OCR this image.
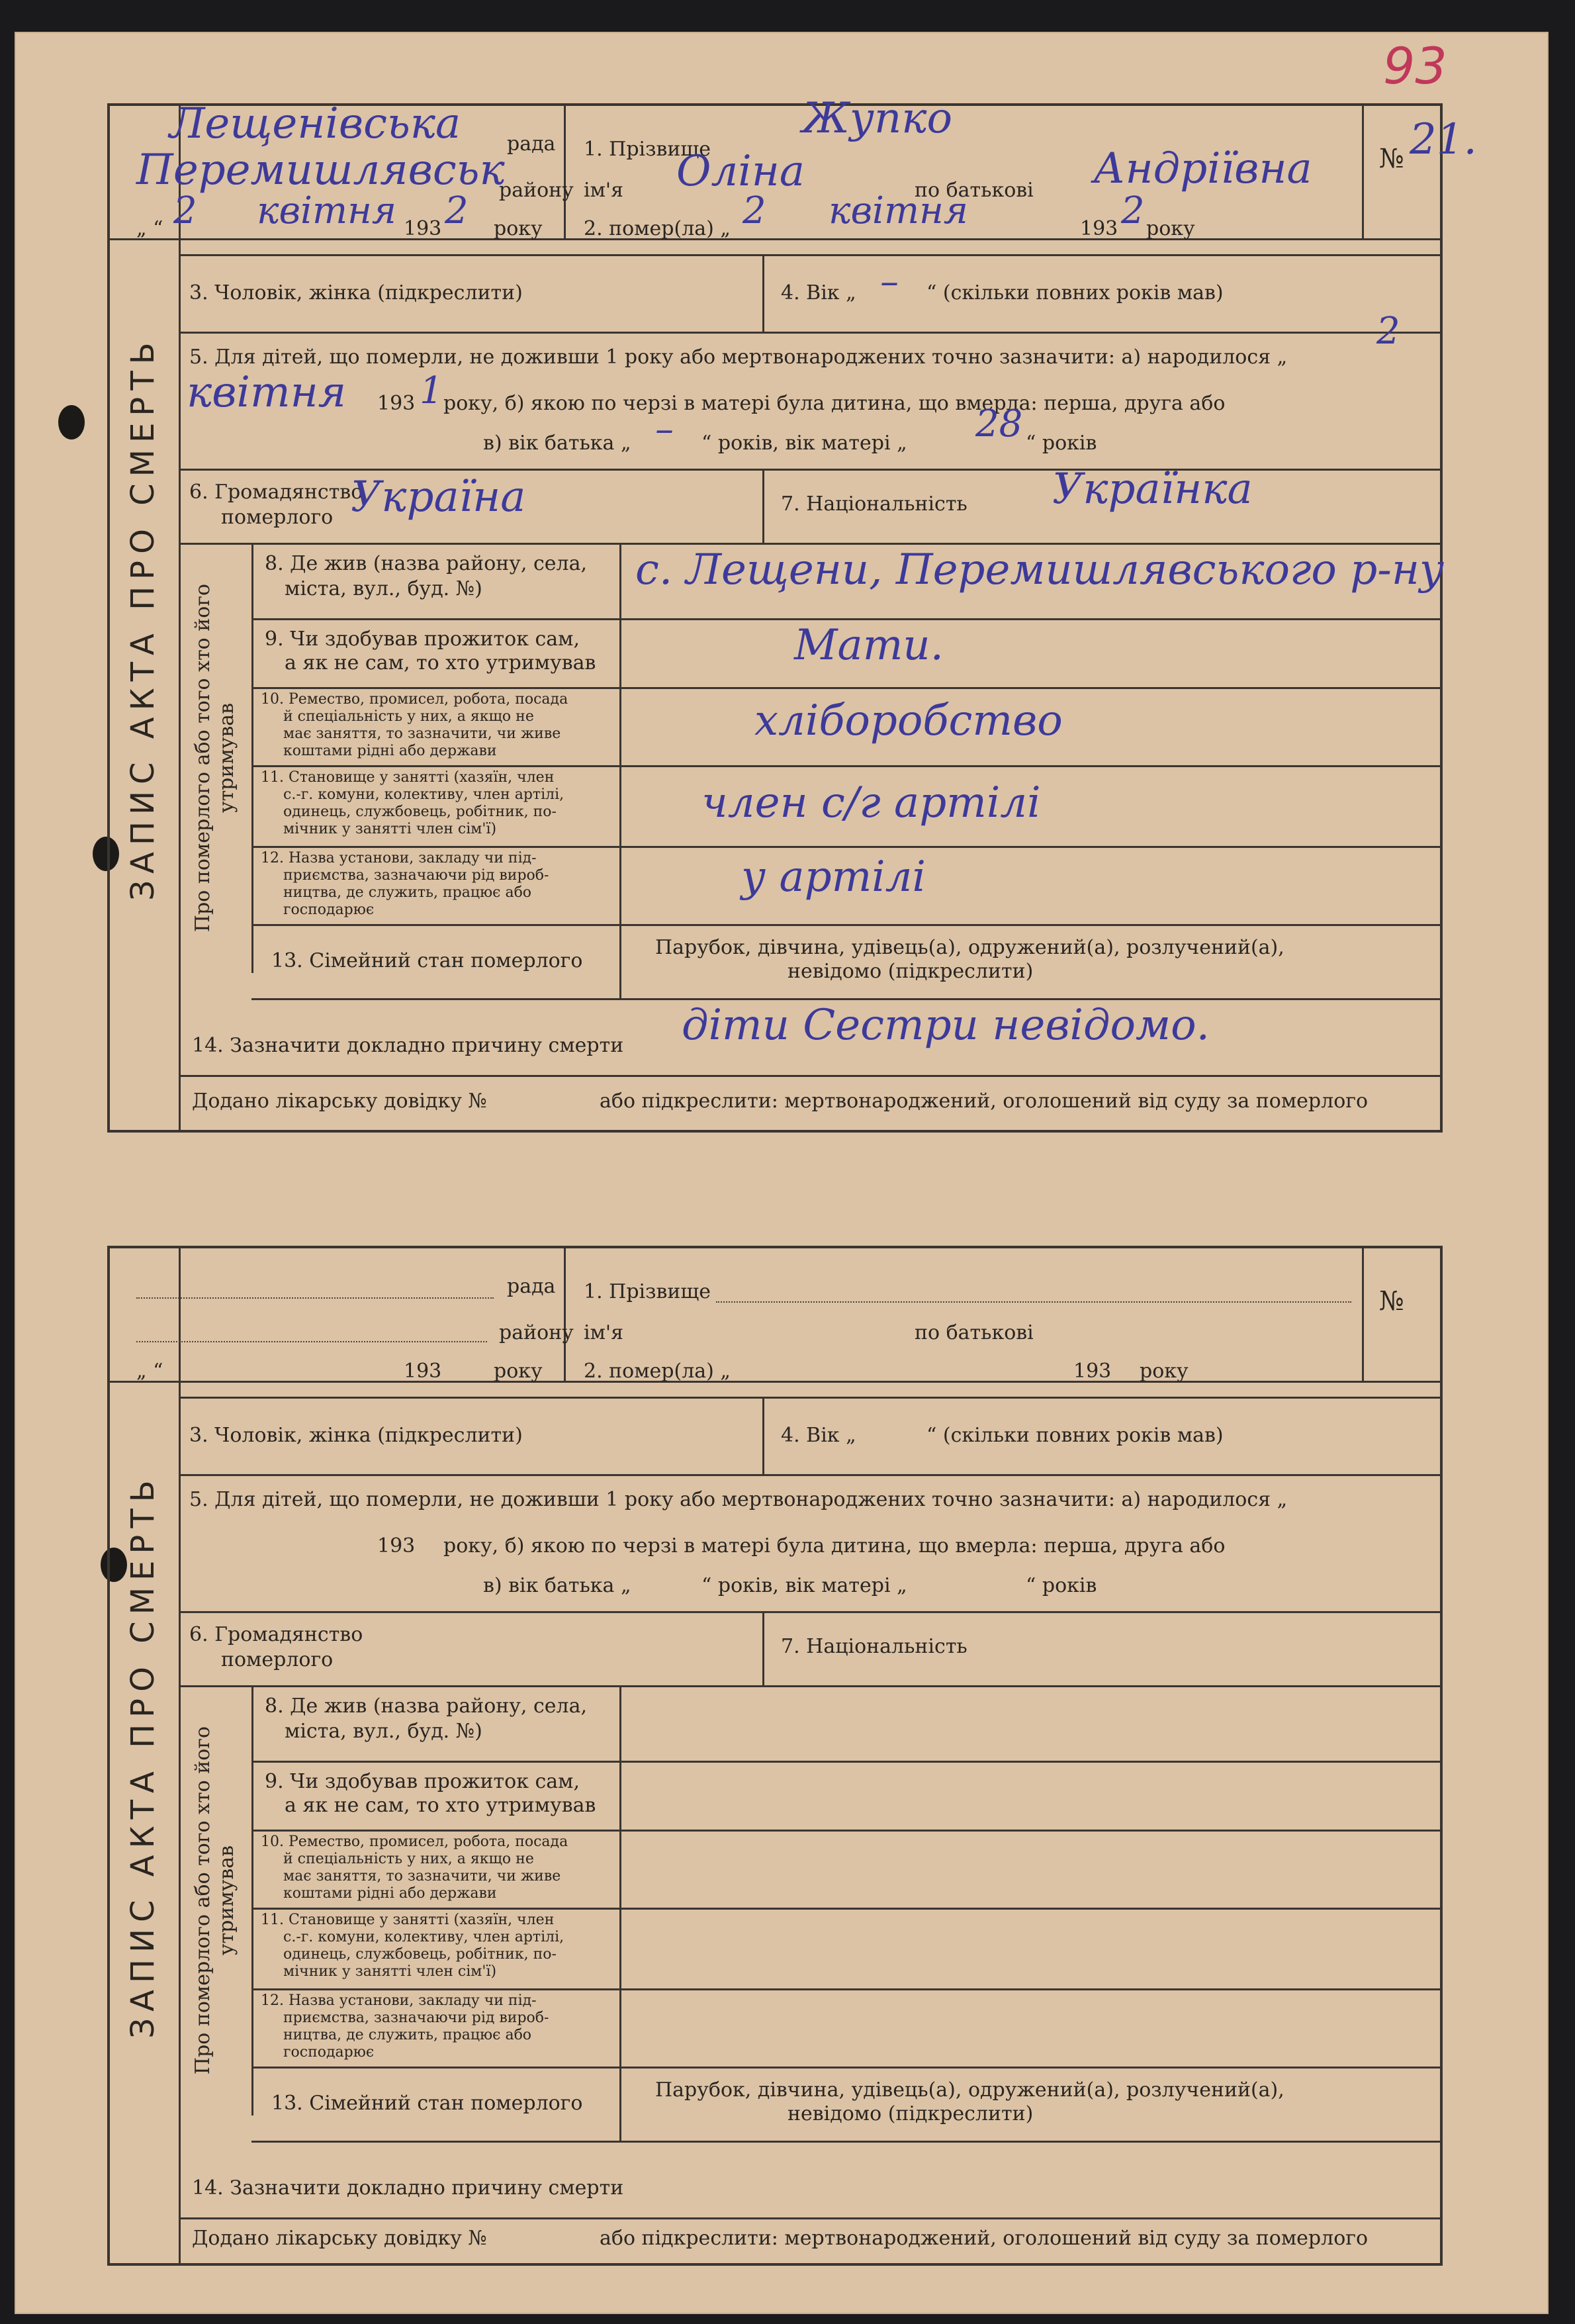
93
ЗАПИС АКТА ПРО СМЕРТЬ
Лещенівська рада
Перемишлявськ
району
„ “ 2 квітня 193 2 року
1. Прізвище
Жупко
ім'я Оліна	по батькові Андріївна
2. помер(ла) „ 2 квітня	193 2 року
№ 21.
3. Чоловік, жінка (підкреслити)	4. Вік „ – “ (скільки повних років мав)
5. Для дітей, що померли, не доживши 1 року або мертвонароджених точно зазначити: а) народилося „
2
квітня 193 1 року, б) якою по черзі в матері була дитина, що вмерла: перша, друга або
в) вік батька „ – “ років, вік матері „ 28 “ років
6. Громадянство
померлого Україна	7. Національність Українка
Про померлого або того хто його
утримував
8. Де жив (назва району, села,
міста, вул., буд. №)	с. Лещени, Перемишлявського р-ну
9. Чи здобував прожиток сам,
а як не сам, то хто утримував	Мати.
10. Ремество, промисел, робота, посада
й спеціальність у них, а якщо не
має заняття, то зазначити, чи живе
коштами рідні або держави
хліборобство
11. Становище у занятті (хазяїн, член
с.-г. комуни, колективу, член артілі,
одинець, службовець, робітник, по-
мічник у занятті член сім'ї)
член с/г артілі
12. Назва установи, закладу чи під-
приємства, зазначаючи рід вироб-
ництва, де служить, працює або
господарює
у артілі
13. Сімейний стан померлого
Парубок, дівчина, удівець(а), одружений(а), розлучений(а),
невідомо (підкреслити)
14. Зазначити докладно причину смерти діти Сестри невідомо.
Додано лікарську довідку №	або підкреслити: мертвонароджений, оголошений від суду за померлого
ЗАПИС АКТА ПРО СМЕРТЬ
рада
району
„ “	193	року
1. Прізвище
ім'я	по батькові
2. помер(ла) „	193 року
№
3. Чоловік, жінка (підкреслити)	4. Вік „	“ (скільки повних років мав)
5. Для дітей, що померли, не доживши 1 року або мертвонароджених точно зазначити: а) народилося „
193 року, б) якою по черзі в матері була дитина, що вмерла: перша, друга або
в) вік батька „	“ років, вік матері „	“ років
6. Громадянство
померлого
7. Національність
Про померлого або того хто його
утримував
8. Де жив (назва району, села,
міста, вул., буд. №)
9. Чи здобував прожиток сам,
а як не сам, то хто утримував
10. Ремество, промисел, робота, посада
й спеціальність у них, а якщо не
має заняття, то зазначити, чи живе
коштами рідні або держави
11. Становище у занятті (хазяїн, член
с.-г. комуни, колективу, член артілі,
одинець, службовець, робітник, по-
мічник у занятті член сім'ї)
12. Назва установи, закладу чи під-
приємства, зазначаючи рід вироб-
ництва, де служить, працює або
господарює
13. Сімейний стан померлого
Парубок, дівчина, удівець(а), одружений(а), розлучений(а),
невідомо (підкреслити)
14. Зазначити докладно причину смерти
Додано лікарську довідку №	або підкреслити: мертвонароджений, оголошений від суду за померлого
